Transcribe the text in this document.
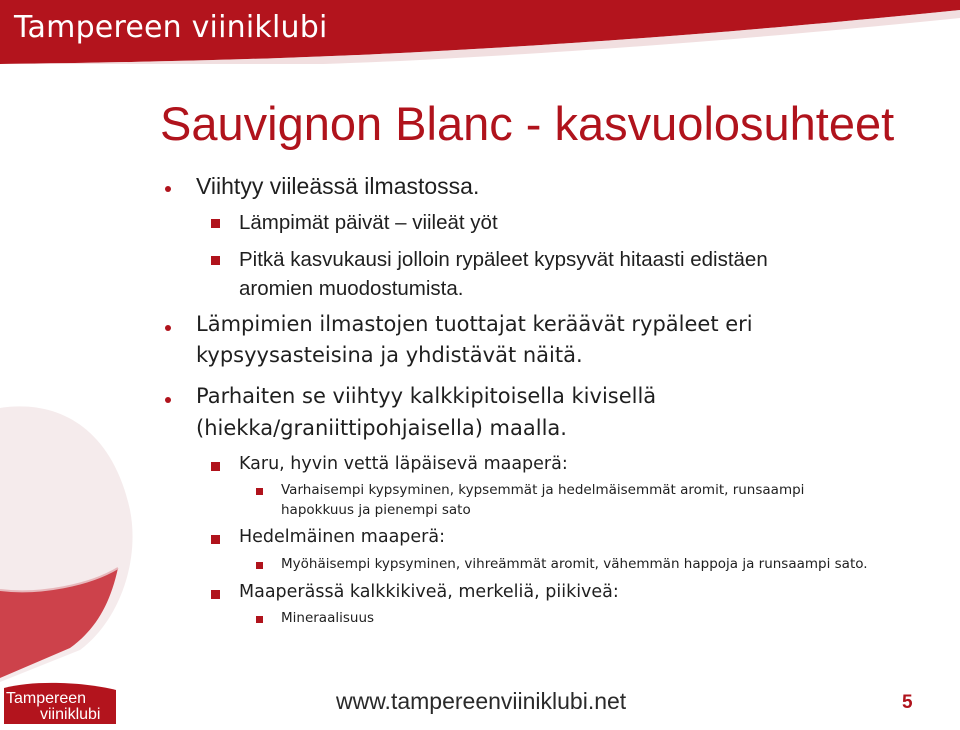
Tampereen viiniklubi
Sauvignon Blanc - kasvuolosuhteet
Viihtyy viileässä ilmastossa.
Lämpimät päivät – viileät yöt
Pitkä kasvukausi jolloin rypäleet kypsyvät hitaasti edistäen
aromien muodostumista.
Lämpimien ilmastojen tuottajat keräävät rypäleet eri
kypsyysasteisina ja yhdistävät näitä.
Parhaiten se viihtyy kalkkipitoisella kivisellä
(hiekka/graniittipohjaisella) maalla.
Karu, hyvin vettä läpäisevä maaperä:
Varhaisempi kypsyminen, kypsemmät ja hedelmäisemmät aromit, runsaampi
hapokkuus ja pienempi sato
Hedelmäinen maaperä:
Myöhäisempi kypsyminen, vihreämmät aromit, vähemmän happoja ja runsaampi sato.
Maaperässä kalkkikiveä, merkeliä, piikiveä:
Mineraalisuus
Tampereen
viiniklubi
www.tampereenviiniklubi.net	5
